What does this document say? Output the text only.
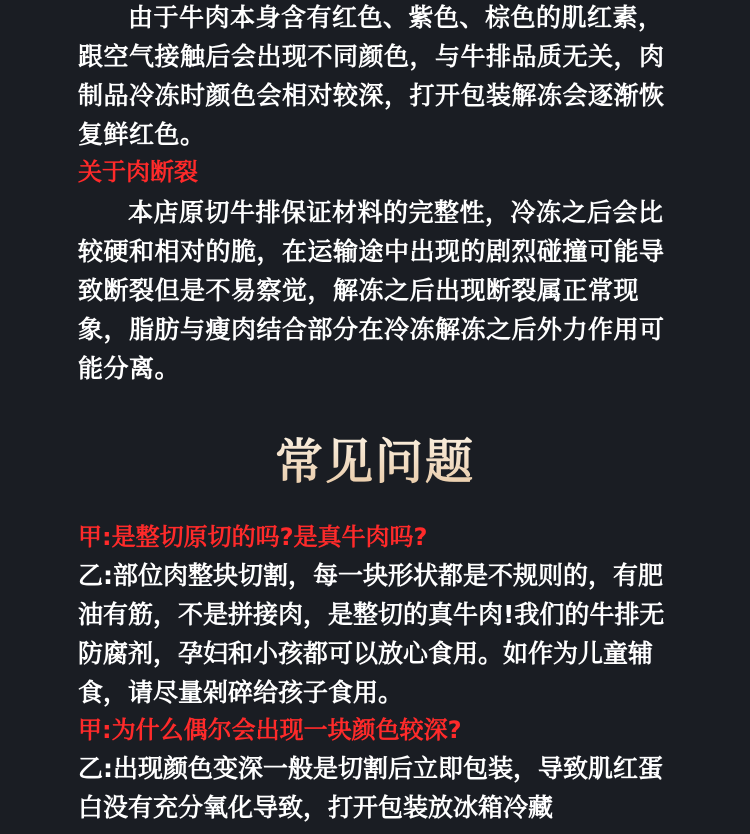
由于牛肉本身含有红色、紫色、棕色的肌红素，跟空气接触后会出现不同颜色，与牛排品质无关，肉制品冷冻时颜色会相对较深，打开包装解冻会逐渐恢复鲜红色。

关于肉断裂

本店原切牛排保证材料的完整性，冷冻之后会比较硬和相对的脆，在运输途中出现的剧烈碰撞可能导致断裂但是不易察觉，解冻之后出现断裂属正常现象，脂肪与瘦肉结合部分在冷冻解冻之后外力作用可能分离。

常见问题

甲:是整切原切的吗?是真牛肉吗?

乙:部位肉整块切割，每一块形状都是不规则的，有肥油有筋，不是拼接肉，是整切的真牛肉!我们的牛排无防腐剂，孕妇和小孩都可以放心食用。如作为儿童辅食，请尽量剁碎给孩子食用。

甲:为什么偶尔会出现一块颜色较深?

乙:出现颜色变深一般是切割后立即包装，导致肌红蛋白没有充分氧化导致，打开包装放冰箱冷藏
